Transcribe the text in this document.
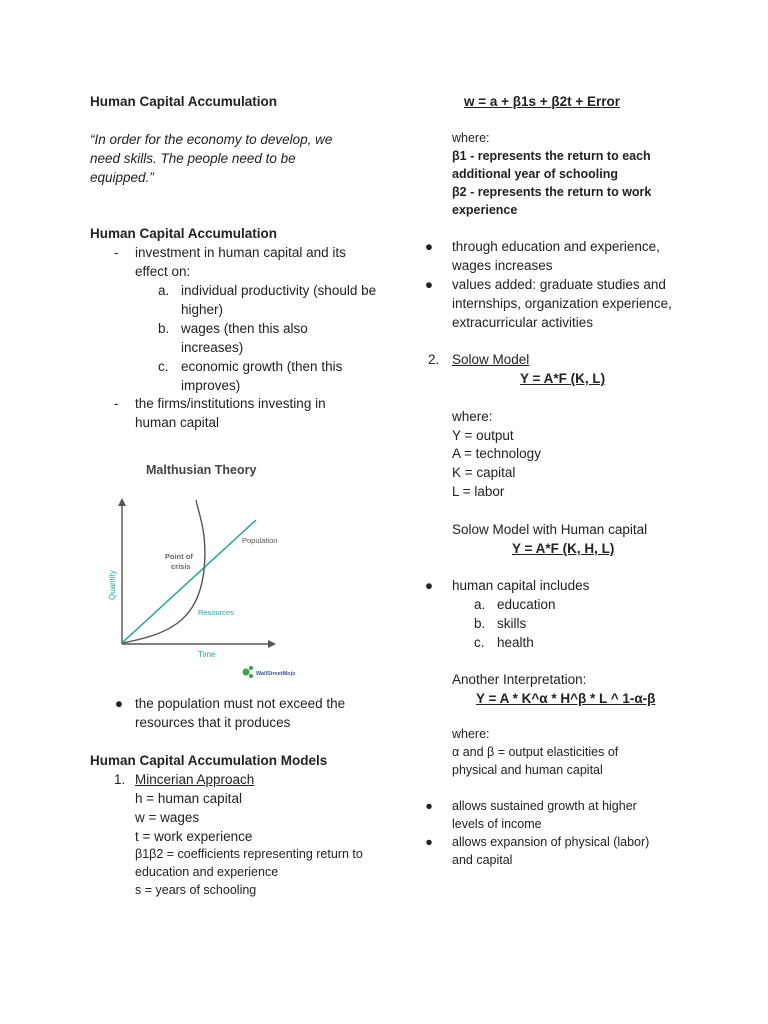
Human Capital Accumulation
“In order for the economy to develop, we need skills. The people need to be equipped.”
Human Capital Accumulation
- investment in human capital and its effect on:
a. individual productivity (should be higher)
b. wages (then this also increases)
c. economic growth (then this improves)
- the firms/institutions investing in human capital
Malthusian Theory
Population
Point of
crisis
Resources
Time
Quantity
WallStreetMojo
● the population must not exceed the resources that it produces
Human Capital Accumulation Models
1. Mincerian Approach
h = human capital
w = wages
t = work experience
β1β2 = coefficients representing return to education and experience
s = years of schooling
w = a + β1s + β2t + Error
where:
β1 - represents the return to each additional year of schooling
β2 - represents the return to work experience
● through education and experience, wages increases
● values added: graduate studies and internships, organization experience, extracurricular activities
2. Solow Model
Y = A*F (K, L)
where:
Y = output
A = technology
K = capital
L = labor
Solow Model with Human capital
Y = A*F (K, H, L)
● human capital includes
a. education
b. skills
c. health
Another Interpretation:
Y = A * K^α * H^β * L ^ 1-α-β
where:
α and β = output elasticities of physical and human capital
● allows sustained growth at higher levels of income
● allows expansion of physical (labor) and capital
